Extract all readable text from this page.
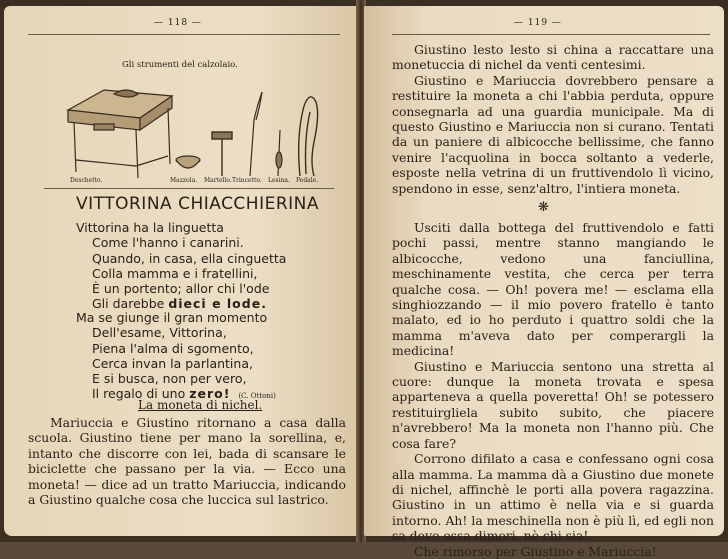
— 118 —
Gli strumenti del calzolaio.
Deschetto.	Mazzola. Martello. Trincetto. Lesina. Pedale.
VITTORINA CHIACCHIERINA
Vittorina ha la linguetta
Come l'hanno i canarini.
Quando, in casa, ella cinguetta
Colla mamma e i fratellini,
È un portento; allor chi l'ode
Gli darebbe dieci e lode.
Ma se giunge il gran momento
Dell'esame, Vittorina,
Piena l'alma di sgomento,
Cerca invan la parlantina,
E si busca, non per vero,
Il regalo di uno zero! (C. Ottoni)
La moneta di nichel.

Mariuccia e Giustino ritornano a casa dalla scuola. Giustino tiene per mano la sorellina, e, intanto che discorre con lei, bada di scansare le biciclette che passano per la via. — Ecco una moneta! — dice ad un tratto Mariuccia, indicando a Giustino qualche cosa che luccica sul lastrico.

— 119 —

Giustino lesto lesto si china a raccattare una monetuccia di nichel da venti centesimi.

Giustino e Mariuccia dovrebbero pensare a restituire la moneta a chi l'abbia perduta, oppure consegnarla ad una guardia municipale. Ma di questo Giustino e Mariuccia non si curano. Tentati da un paniere di albicocche bellissime, che fanno venire l'acquolina in bocca soltanto a vederle, esposte nella vetrina di un fruttivendolo lì vicino, spendono in esse, senz'altro, l'intiera moneta.

❋

Usciti dalla bottega del fruttivendolo e fatti pochi passi, mentre stanno mangiando le albicocche, vedono una fanciullina, meschinamente vestita, che cerca per terra qualche cosa. — Oh! povera me! — esclama ella singhiozzando — il mio povero fratello è tanto malato, ed io ho perduto i quattro soldi che la mamma m'aveva dato per comperargli la medicina!

Giustino e Mariuccia sentono una stretta al cuore: dunque la moneta trovata e spesa apparteneva a quella poveretta! Oh! se potessero restituirgliela subito subito, che piacere n'avrebbero! Ma la moneta non l'hanno più. Che cosa fare?

Corrono difilato a casa e confessano ogni cosa alla mamma. La mamma dà a Giustino due monete di nichel, affinchè le porti alla povera ragazzina. Giustino in un attimo è nella via e si guarda intorno. Ah! la meschinella non è più lì, ed egli non sa dove essa dimori, nè chi sia!

Che rimorso per Giustino e Mariuccia!
